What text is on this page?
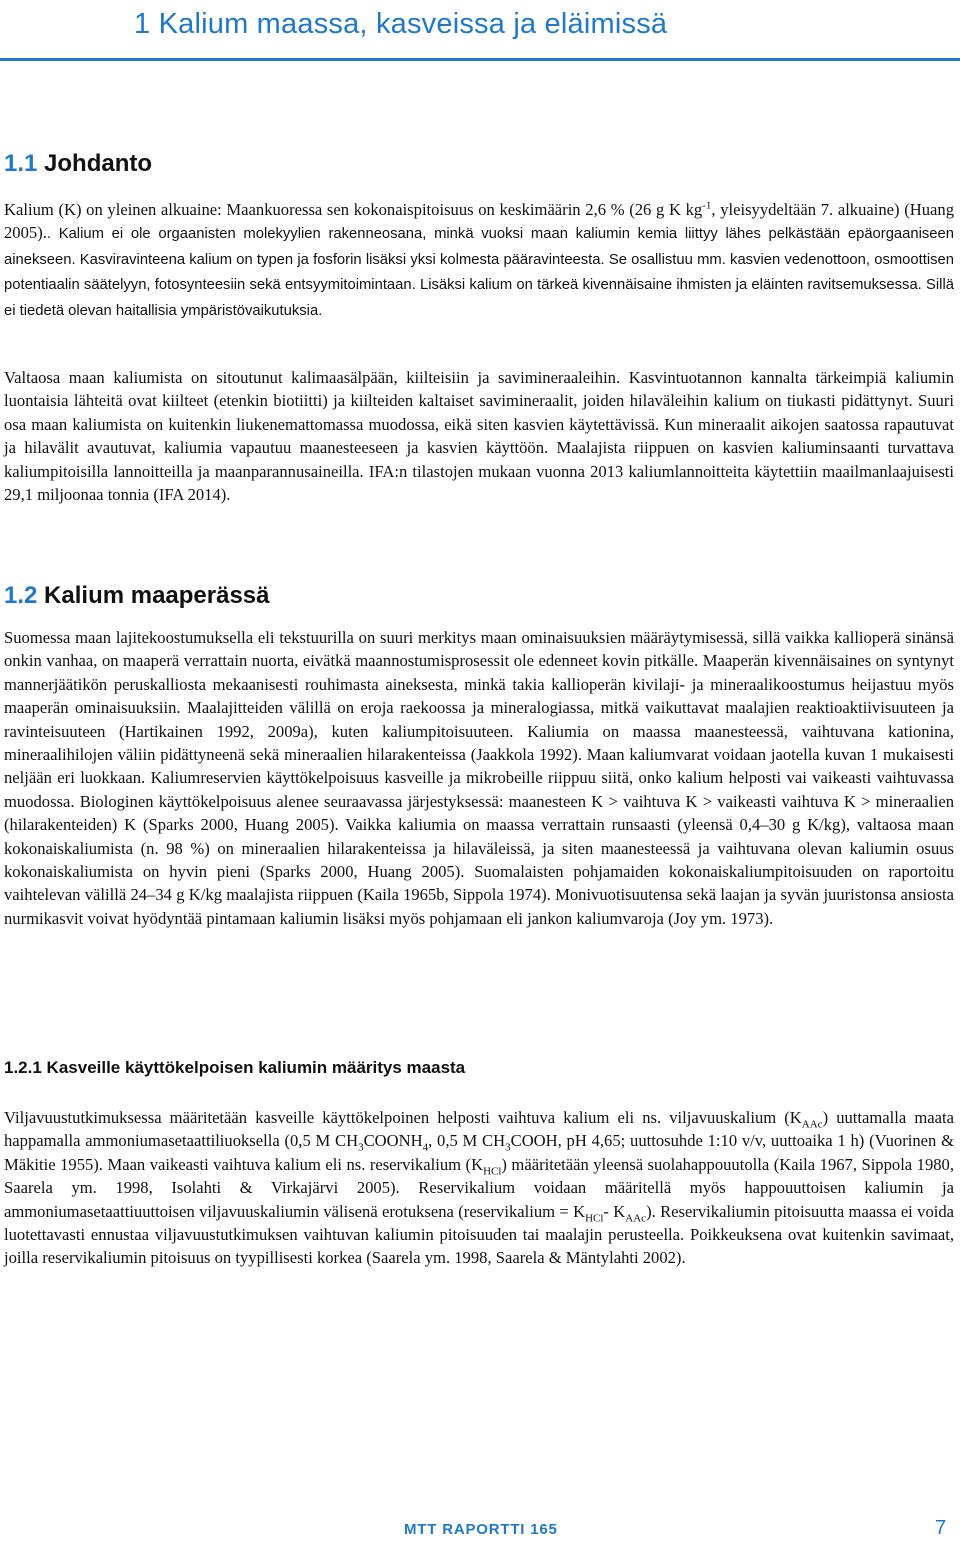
1 Kalium maassa, kasveissa ja eläimissä
1.1 Johdanto

Kalium (K) on yleinen alkuaine: Maankuoressa sen kokonaispitoisuus on keskimäärin 2,6 % (26 g K $kg^{-1}$, yleisyydeltään 7. alkuaine) (Huang 2005).. Kalium ei ole orgaanisten molekyylien rakenneosana, minkä vuoksi maan kaliumin kemia liittyy lähes pelkästään epäorgaaniseen ainekseen. Kasviravinteena kalium on typen ja fosforin lisäksi yksi kolmesta pääravinteesta. Se osallistuu mm. kasvien vedenottoon, osmoottisen potentiaalin säätelyyn, fotosynteesiin sekä entsyymitoimintaan. Lisäksi kalium on tärkeä kivennäisaine ihmisten ja eläinten ravitsemuksessa. Sillä ei tiedetä olevan haitallisia ympäristövaikutuksia.

Valtaosa maan kaliumista on sitoutunut kalimaasälpään, kiilteisiin ja savimineraaleihin. Kasvintuotannon kannalta tärkeimpiä kaliumin luontaisia lähteitä ovat kiilteet (etenkin biotiitti) ja kiilteiden kaltaiset savimineraalit, joiden hilaväleihin kalium on tiukasti pidättynyt. Suuri osa maan kaliumista on kuitenkin liukenemattomassa muodossa, eikä siten kasvien käytettävissä. Kun mineraalit aikojen saatossa rapautuvat ja hilavälit avautuvat, kaliumia vapautuu maanesteeseen ja kasvien käyttöön. Maalajista riippuen on kasvien kaliuminsaanti turvattava kaliumpitoisilla lannoitteilla ja maanparannusaineilla. IFA:n tilastojen mukaan vuonna 2013 kaliumlannoitteita käytettiin maailmanlaajuisesti 29,1 miljoonaa tonnia (IFA 2014).

1.2 Kalium maaperässä

Suomessa maan lajitekoostumuksella eli tekstuurilla on suuri merkitys maan ominaisuuksien määräytymisessä, sillä vaikka kallioperä sinänsä onkin vanhaa, on maaperä verrattain nuorta, eivätkä maannostumisprosessit ole edenneet kovin pitkälle. Maaperän kivennäisaines on syntynyt mannerjäätikön peruskalliosta mekaanisesti rouhimasta aineksesta, minkä takia kallioperän kivilaji- ja mineraalikoostumus heijastuu myös maaperän ominaisuuksiin. Maalajitteiden välillä on eroja raekoossa ja mineralogiassa, mitkä vaikuttavat maalajien reaktioaktiivisuuteen ja ravinteisuuteen (Hartikainen 1992, 2009a), kuten kaliumpitoisuuteen. Kaliumia on maassa maanesteessä, vaihtuvana kationina, mineraalihilojen väliin pidättyneenä sekä mineraalien hilarakenteissa (Jaakkola 1992). Maan kaliumvarat voidaan jaotella kuvan 1 mukaisesti neljään eri luokkaan. Kaliumreservien käyttökelpoisuus kasveille ja mikrobeille riippuu siitä, onko kalium helposti vai vaikeasti vaihtuvassa muodossa. Biologinen käyttökelpoisuus alenee seuraavassa järjestyksessä: maanesteen K > vaihtuva K > vaikeasti vaihtuva K > mineraalien (hilarakenteiden) K (Sparks 2000, Huang 2005). Vaikka kaliumia on maassa verrattain runsaasti (yleensä 0,4–30 g K/kg), valtaosa maan kokonaiskaliumista (n. 98 %) on mineraalien hilarakenteissa ja hilaväleissä, ja siten maanesteessä ja vaihtuvana olevan kaliumin osuus kokonaiskaliumista on hyvin pieni (Sparks 2000, Huang 2005). Suomalaisten pohjamaiden kokonaiskaliumpitoisuuden on raportoitu vaihtelevan välillä 24–34 g K/kg maalajista riippuen (Kaila 1965b, Sippola 1974). Monivuotisuutensa sekä laajan ja syvän juuristonsa ansiosta nurmikasvit voivat hyödyntää pintamaan kaliumin lisäksi myös pohjamaan eli jankon kaliumvaroja (Joy ym. 1973).

1.2.1 Kasveille käyttökelpoisen kaliumin määritys maasta

Viljavuustutkimuksessa määritetään kasveille käyttökelpoinen helposti vaihtuva kalium eli ns. viljavuuskalium $(K_{AAc})$ uuttamalla maata happamalla ammoniumasetaattiliuoksella (0,5 M $CH_3COONH_4$, 0,5 M $CH_3COOH$, pH 4,65; uuttosuhde 1:10 v/v, uuttoaika 1 h) (Vuorinen & Mäkitie 1955). Maan vaikeasti vaihtuva kalium eli ns. reservikalium $(K_{HCl})$ määritetään yleensä suolahappouutolla (Kaila 1967, Sippola 1980, Saarela ym. 1998, Isolahti & Virkajärvi 2005). Reservikalium voidaan määritellä myös happouuttoisen kaliumin ja ammoniumasetaattiuuttoisen viljavuuskaliumin välisenä erotuksena (reservikalium = $K_{HCl}-$ $K_{AAc}$). Reservikaliumin pitoisuutta maassa ei voida luotettavasti ennustaa viljavuustutkimuksen vaihtuvan kaliumin pitoisuuden tai maalajin perusteella. Poikkeuksena ovat kuitenkin savimaat, joilla reservikaliumin pitoisuus on tyypillisesti korkea (Saarela ym. 1998, Saarela & Mäntylahti 2002).

MTT RAPORTTI 165	7
